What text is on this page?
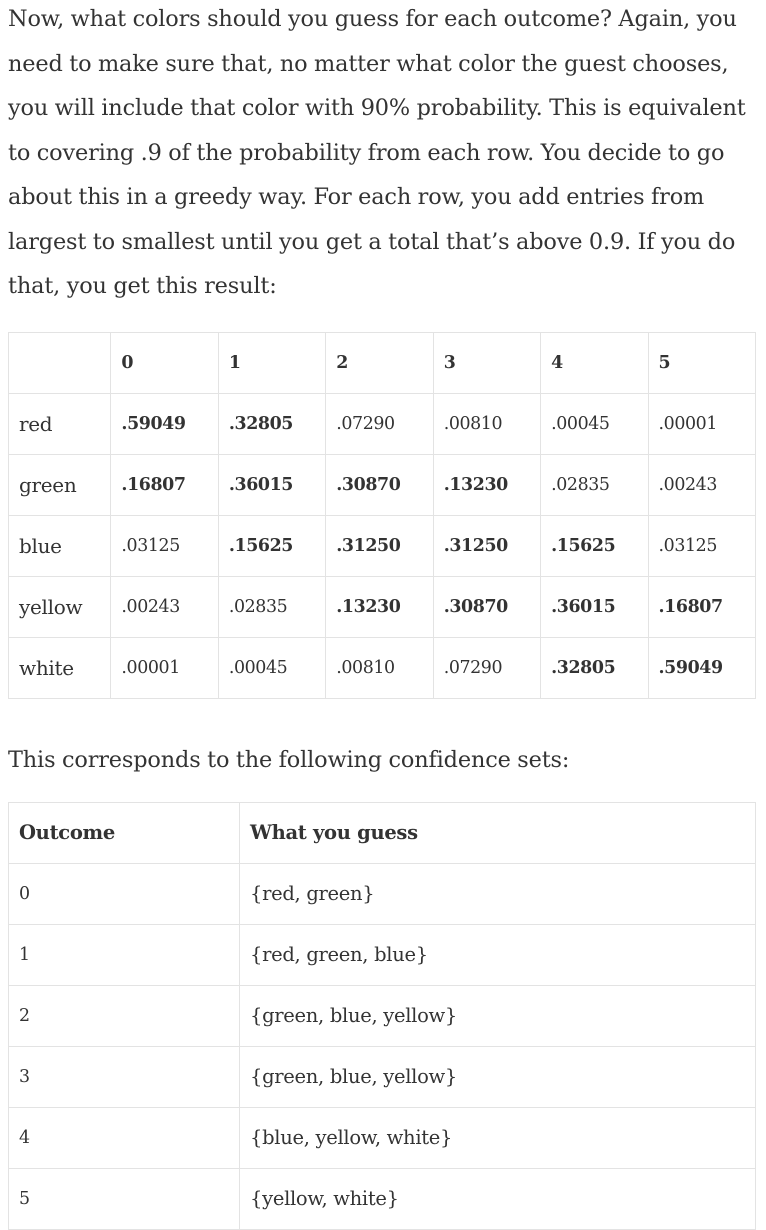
Now, what colors should you guess for each outcome? Again, you need to make sure that, no matter what color the guest chooses, you will include that color with 90% probability. This is equivalent to covering .9 of the probability from each row. You decide to go about this in a greedy way. For each row, you add entries from largest to smallest until you get a total that’s above 0.9. If you do that, you get this result:

	0	1	2	3	4	5
red	.59049	.32805	.07290	.00810	.00045	.00001
green	.16807	.36015	.30870	.13230	.02835	.00243
blue	.03125	.15625	.31250	.31250	.15625	.03125
yellow	.00243	.02835	.13230	.30870	.36015	.16807
white	.00001	.00045	.00810	.07290	.32805	.59049

This corresponds to the following confidence sets:

Outcome	What you guess
0	{red, green}
1	{red, green, blue}
2	{green, blue, yellow}
3	{green, blue, yellow}
4	{blue, yellow, white}
5	{yellow, white}
